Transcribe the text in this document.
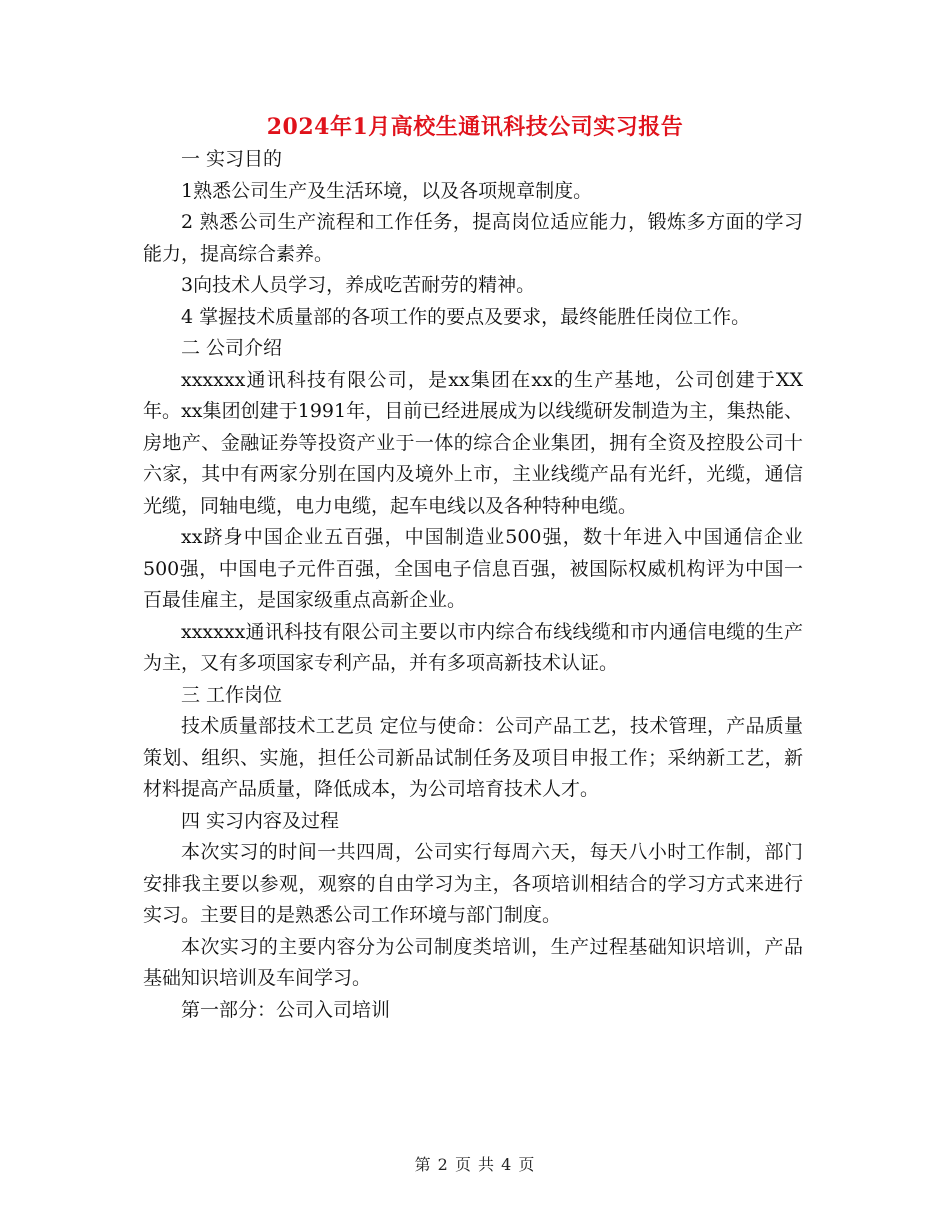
2024年1月高校生通讯科技公司实习报告

一 实习目的

1熟悉公司生产及生活环境，以及各项规章制度。

2 熟悉公司生产流程和工作任务，提高岗位适应能力，锻炼多方面的学习能力，提高综合素养。

3向技术人员学习，养成吃苦耐劳的精神。

4 掌握技术质量部的各项工作的要点及要求，最终能胜任岗位工作。

二 公司介绍

xxxxxx通讯科技有限公司，是xx集团在xx的生产基地，公司创建于XX年。xx集团创建于1991年，目前已经进展成为以线缆研发制造为主，集热能、房地产、金融证券等投资产业于一体的综合企业集团，拥有全资及控股公司十六家，其中有两家分别在国内及境外上市，主业线缆产品有光纤，光缆，通信光缆，同轴电缆，电力电缆，起车电线以及各种特种电缆。

xx跻身中国企业五百强，中国制造业500强，数十年进入中国通信企业500强，中国电子元件百强，全国电子信息百强，被国际权威机构评为中国一百最佳雇主，是国家级重点高新企业。

xxxxxx通讯科技有限公司主要以市内综合布线线缆和市内通信电缆的生产为主，又有多项国家专利产品，并有多项高新技术认证。

三 工作岗位

技术质量部技术工艺员 定位与使命：公司产品工艺，技术管理，产品质量策划、组织、实施，担任公司新品试制任务及项目申报工作；采纳新工艺，新材料提高产品质量，降低成本，为公司培育技术人才。

四 实习内容及过程

本次实习的时间一共四周，公司实行每周六天，每天八小时工作制，部门安排我主要以参观，观察的自由学习为主，各项培训相结合的学习方式来进行实习。主要目的是熟悉公司工作环境与部门制度。

本次实习的主要内容分为公司制度类培训，生产过程基础知识培训，产品基础知识培训及车间学习。

第一部分：公司入司培训

第 2 页 共 4 页
